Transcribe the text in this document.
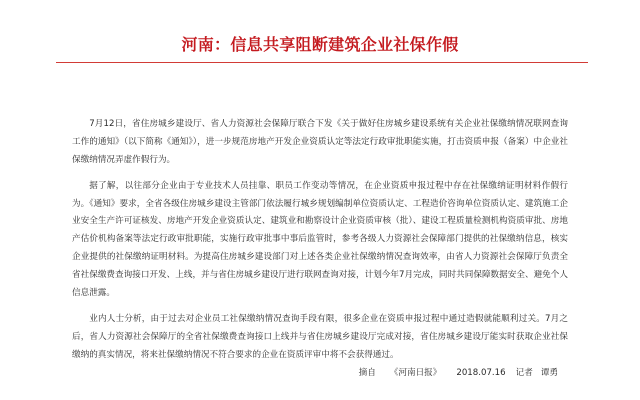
河南：信息共享阻断建筑企业社保作假

7月12日，省住房城乡建设厅、省人力资源社会保障厅联合下发《关于做好住房城乡建设系统有关企业社保缴纳情况联网查询工作的通知》（以下简称《通知》），进一步规范房地产开发企业资质认定等法定行政审批职能实施，打击资质申报（备案）中企业社保缴纳情况弄虚作假行为。

据了解，以往部分企业由于专业技术人员挂靠、职员工作变动等情况，在企业资质申报过程中存在社保缴纳证明材料作假行为。《通知》要求，全省各级住房城乡建设主管部门依法履行城乡规划编制单位资质认定、工程造价咨询单位资质认定、建筑施工企业安全生产许可证核发、房地产开发企业资质认定、建筑业和勘察设计企业资质审核（批）、建设工程质量检测机构资质审批、房地产估价机构备案等法定行政审批职能，实施行政审批事中事后监管时，参考各级人力资源社会保障部门提供的社保缴纳信息，核实企业提供的社保缴纳证明材料。为提高住房城乡建设部门对上述各类企业社保缴纳情况查询效率，由省人力资源社会保障厅负责全省社保缴费查询接口开发、上线，并与省住房城乡建设厅进行联网查询对接，计划今年7月完成，同时共同保障数据安全、避免个人信息泄露。

业内人士分析，由于过去对企业员工社保缴纳情况查询手段有限，很多企业在资质申报过程中通过造假就能顺利过关。7月之后，省人力资源社会保障厅的全省社保缴费查询接口上线并与省住房城乡建设厅完成对接，省住房城乡建设厅能实时获取企业社保缴纳的真实情况，将来社保缴纳情况不符合要求的企业在资质评审中将不会获得通过。

摘自 《河南日报》 2018.07.16 记者 谭勇
